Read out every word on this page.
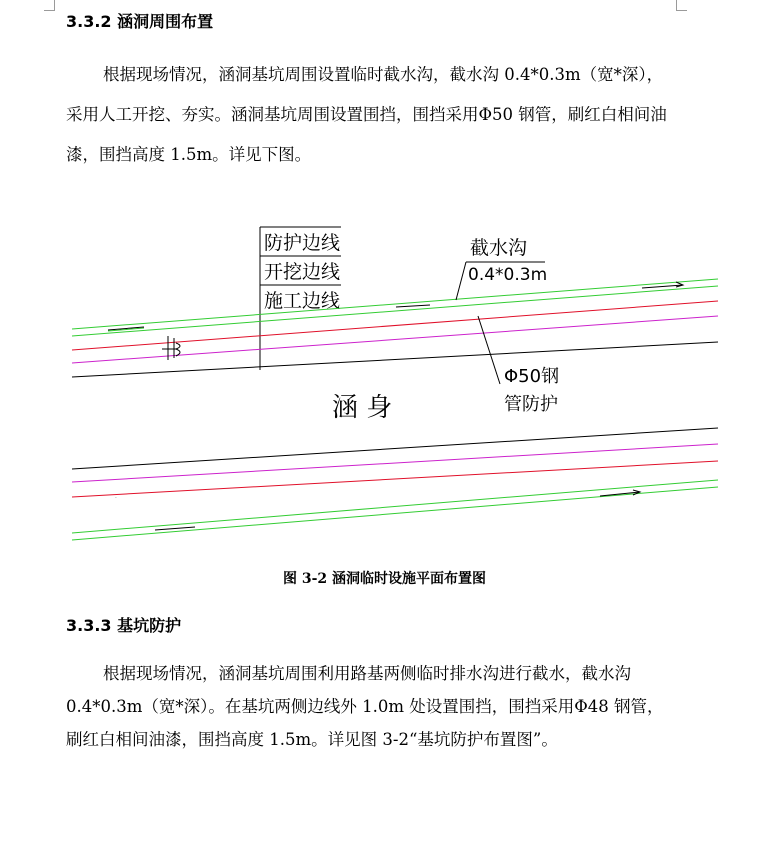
3.3.2 涵洞周围布置

根据现场情况，涵洞基坑周围设置临时截水沟，截水沟 0.4*0.3m（宽*深），采用人工开挖、夯实。涵洞基坑周围设置围挡，围挡采用Φ50 钢管，刷红白相间油漆，围挡高度 1.5m。详见下图。

防护边线
开挖边线
施工边线
截水沟
0.4*0.3m
Φ50钢
管防护
涵 身
·
图 3-2 涵洞临时设施平面布置图
3.3.3 基坑防护

根据现场情况，涵洞基坑周围利用路基两侧临时排水沟进行截水，截水沟 0.4*0.3m（宽*深）。在基坑两侧边线外 1.0m 处设置围挡，围挡采用Φ48 钢管，刷红白相间油漆，围挡高度 1.5m。详见图 3-2“基坑防护布置图”。
